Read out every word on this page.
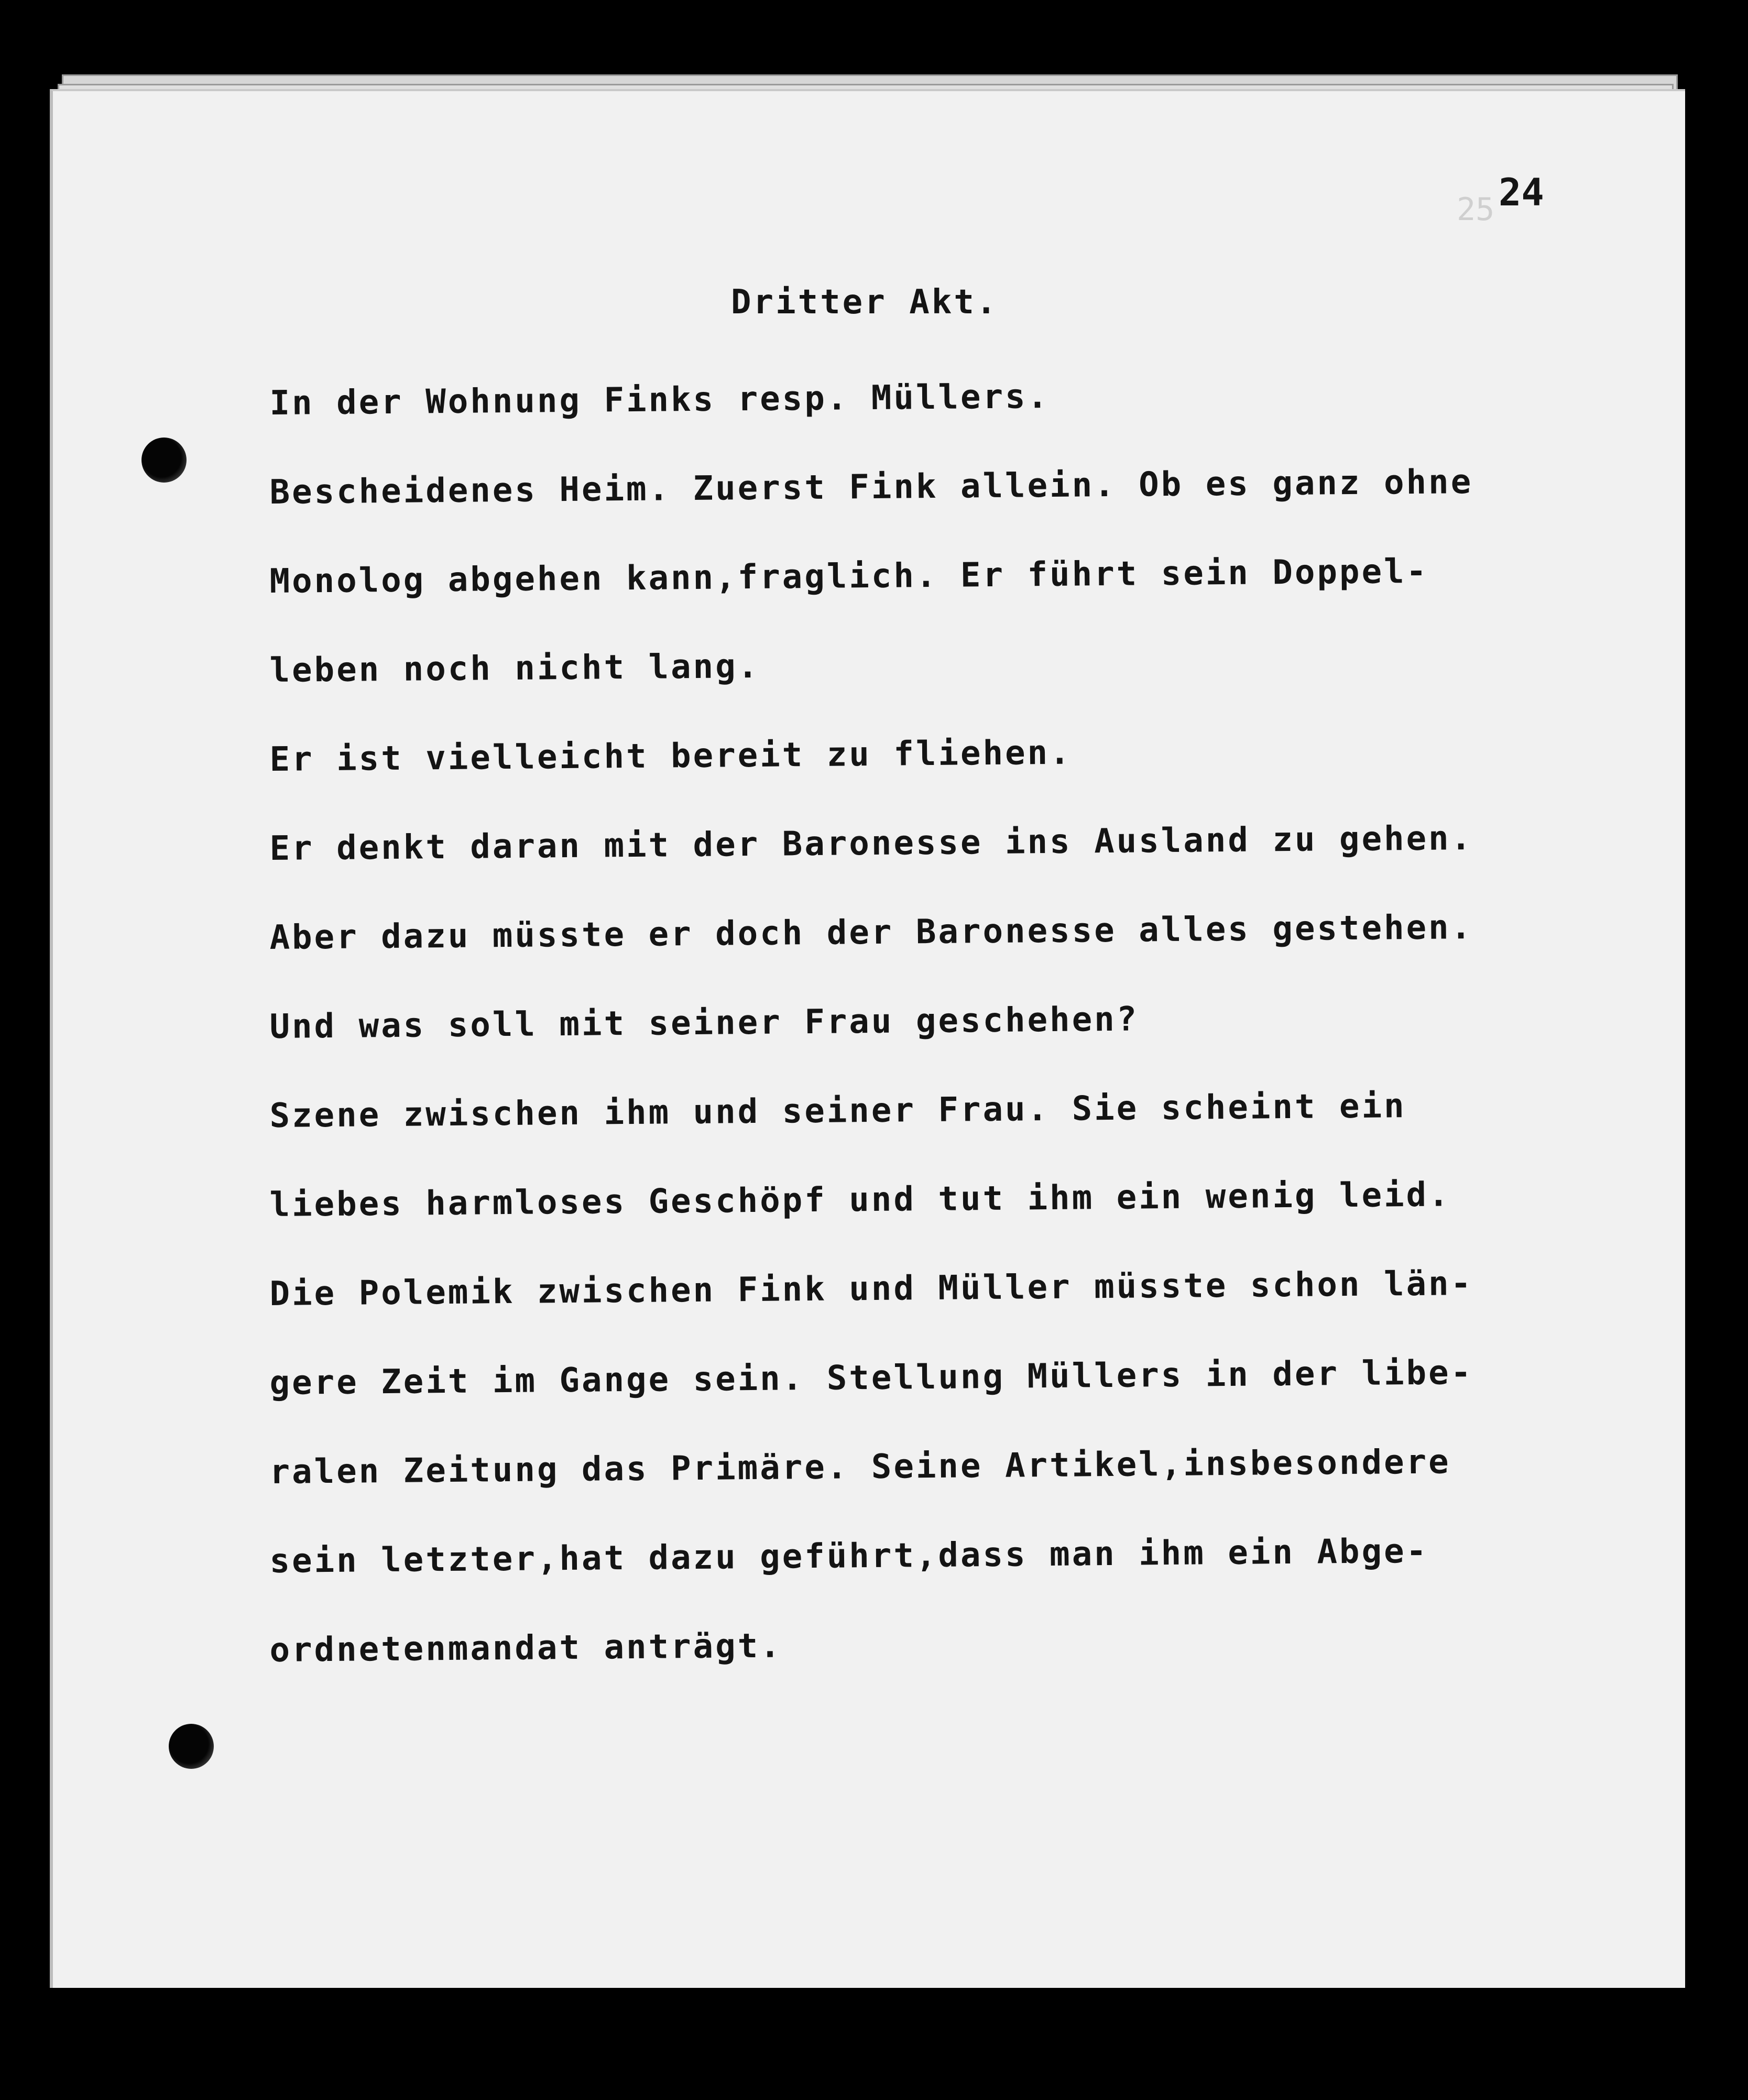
25 24
Dritter Akt.
In der Wohnung Finks resp. Müllers.
Bescheidenes Heim. Zuerst Fink allein. Ob es ganz ohne
Monolog abgehen kann,fraglich. Er führt sein Doppel-
leben noch nicht lang.
Er ist vielleicht bereit zu fliehen.
Er denkt daran mit der Baronesse ins Ausland zu gehen.
Aber dazu müsste er doch der Baronesse alles gestehen.
Und was soll mit seiner Frau geschehen?
Szene zwischen ihm und seiner Frau. Sie scheint ein
liebes harmloses Geschöpf und tut ihm ein wenig leid.
Die Polemik zwischen Fink und Müller müsste schon län-
gere Zeit im Gange sein. Stellung Müllers in der libe-
ralen Zeitung das Primäre. Seine Artikel,insbesondere
sein letzter,hat dazu geführt,dass man ihm ein Abge-
ordnetenmandat anträgt.
